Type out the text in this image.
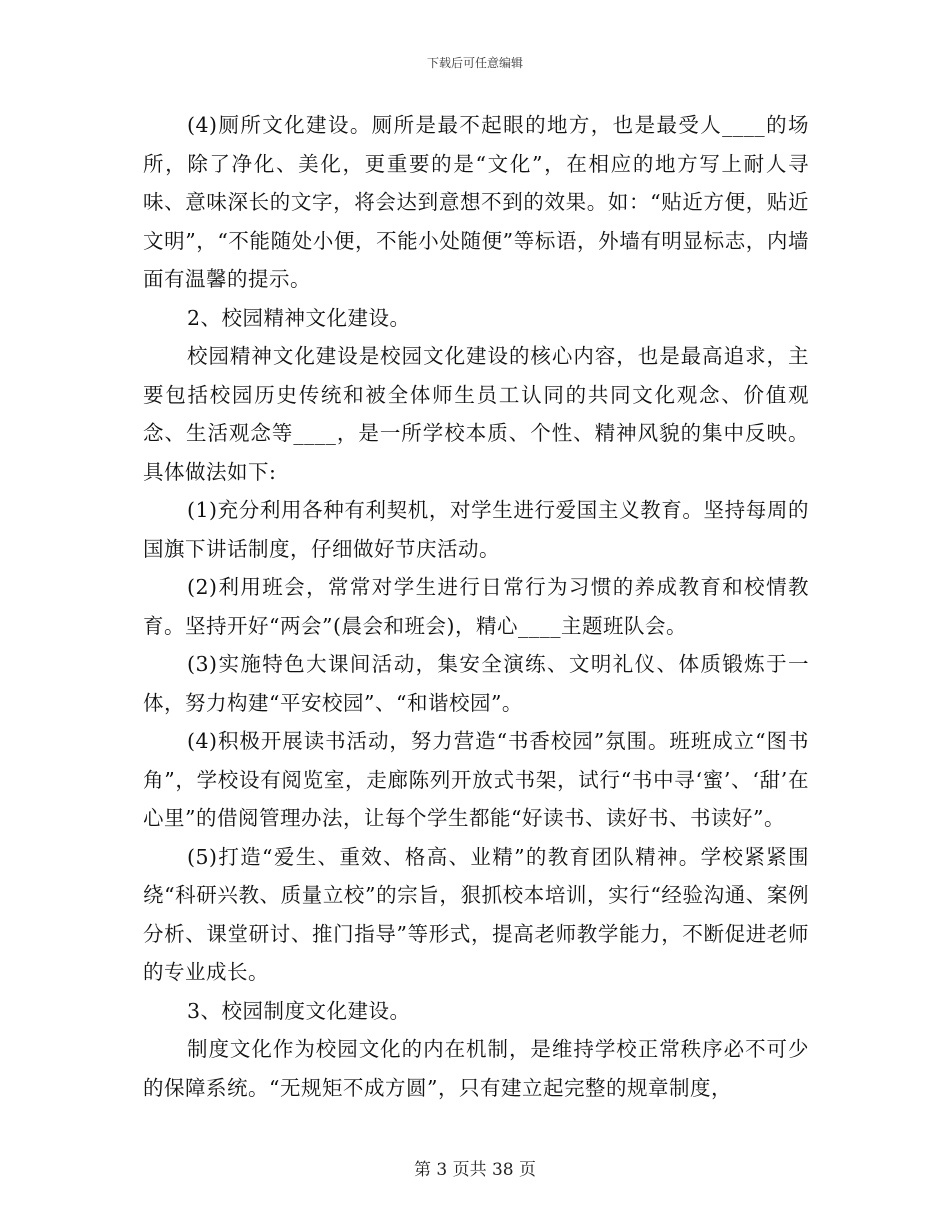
下载后可任意编辑

(4)厕所文化建设。厕所是最不起眼的地方，也是最受人____的场所，除了净化、美化，更重要的是“文化”，在相应的地方写上耐人寻味、意味深长的文字，将会达到意想不到的效果。如：“贴近方便，贴近文明”，“不能随处小便，不能小处随便”等标语，外墙有明显标志，内墙面有温馨的提示。

2、校园精神文化建设。

校园精神文化建设是校园文化建设的核心内容，也是最高追求，主要包括校园历史传统和被全体师生员工认同的共同文化观念、价值观念、生活观念等____，是一所学校本质、个性、精神风貌的集中反映。具体做法如下:

(1)充分利用各种有利契机，对学生进行爱国主义教育。坚持每周的国旗下讲话制度，仔细做好节庆活动。

(2)利用班会，常常对学生进行日常行为习惯的养成教育和校情教育。坚持开好“两会”(晨会和班会)，精心____主题班队会。

(3)实施特色大课间活动，集安全演练、文明礼仪、体质锻炼于一体，努力构建“平安校园”、“和谐校园”。

(4)积极开展读书活动，努力营造“书香校园”氛围。班班成立“图书角”，学校设有阅览室，走廊陈列开放式书架，试行“书中寻‘蜜’、‘甜’在心里”的借阅管理办法，让每个学生都能“好读书、读好书、书读好”。

(5)打造“爱生、重效、格高、业精”的教育团队精神。学校紧紧围绕“科研兴教、质量立校”的宗旨，狠抓校本培训，实行“经验沟通、案例分析、课堂研讨、推门指导”等形式，提高老师教学能力，不断促进老师的专业成长。

3、校园制度文化建设。

制度文化作为校园文化的内在机制，是维持学校正常秩序必不可少的保障系统。“无规矩不成方圆”，只有建立起完整的规章制度，

第 3 页共 38 页
